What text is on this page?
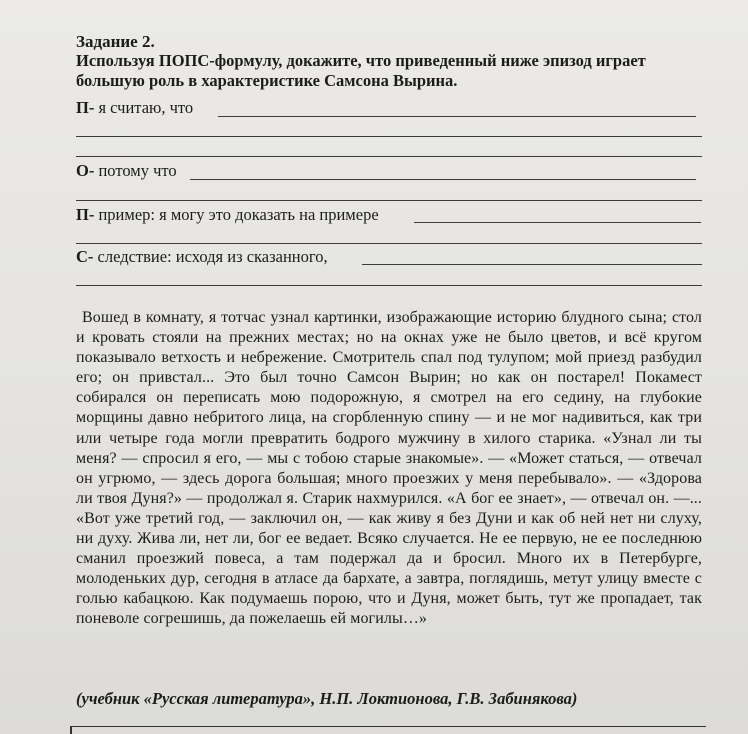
Задание 2.
Используя ПОПС-формулу, докажите, что приведенный ниже эпизод играет большую роль в характеристике Самсона Вырина.
П- я считаю, что
О- потому что
П- пример: я могу это доказать на примере
С- следствие: исходя из сказанного,
Вошед в комнату, я тотчас узнал картинки, изображающие историю блудного сына; стол и кровать стояли на прежних местах; но на окнах уже не было цветов, и всё кругом показывало ветхость и небрежение. Смотритель спал под тулупом; мой приезд разбудил его; он привстал... Это был точно Самсон Вырин; но как он постарел! Покамест собирался он переписать мою подорожную, я смотрел на его седину, на глубокие морщины давно небритого лица, на сгорбленную спину — и не мог надивиться, как три или четыре года могли превратить бодрого мужчину в хилого старика. «Узнал ли ты меня? — спросил я его, — мы с тобою старые знакомые». — «Может статься, — отвечал он угрюмо, — здесь дорога большая; много проезжих у меня перебывало». — «Здорова ли твоя Дуня?» — продолжал я. Старик нахмурился. «А бог ее знает», — отвечал он. —... «Вот уже третий год, — заключил он, — как живу я без Дуни и как об ней нет ни слуху, ни духу. Жива ли, нет ли, бог ее ведает. Всяко случается. Не ее первую, не ее последнюю сманил проезжий повеса, а там подержал да и бросил. Много их в Петербурге, молоденьких дур, сегодня в атласе да бархате, а завтра, поглядишь, метут улицу вместе с голью кабацкою. Как подумаешь порою, что и Дуня, может быть, тут же пропадает, так поневоле согрешишь, да пожелаешь ей могилы…»
(учебник «Русская литература», Н.П. Локтионова, Г.В. Забинякова)
